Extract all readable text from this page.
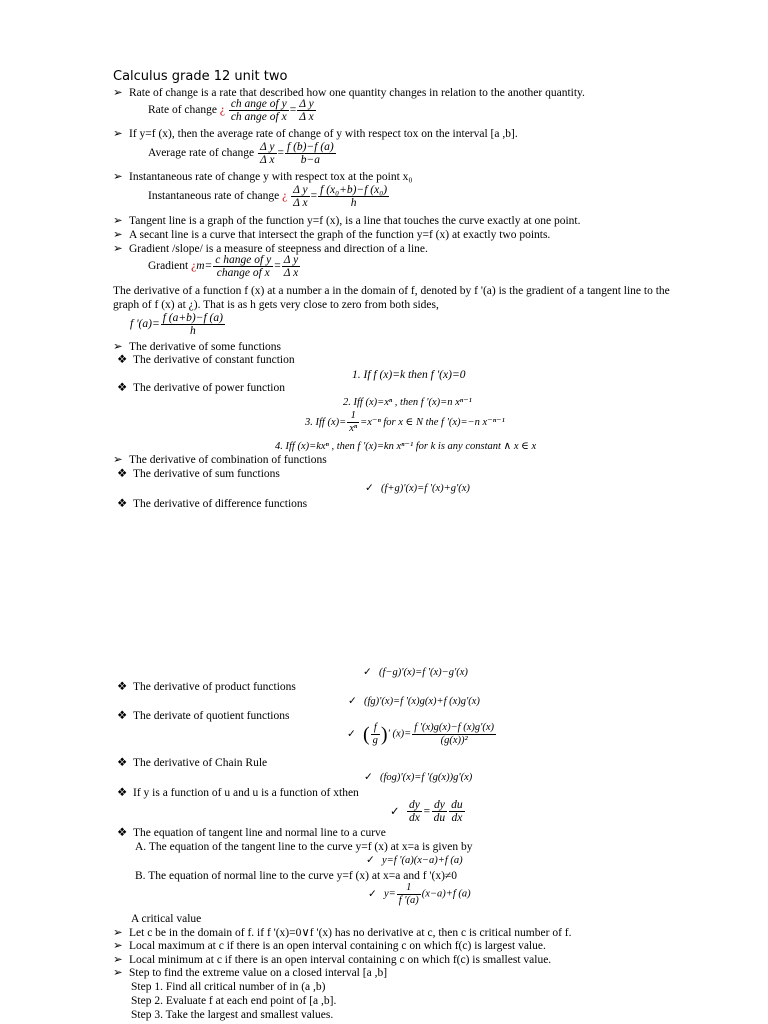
Calculus grade 12 unit two
➢ Rate of change is a rate that described how one quantity changes in relation to the another quantity.
Rate of change ¿ $\frac{\text{ch ange of y}}{\text{ch ange of x}} = \frac{\text{Δ y}}{\text{Δ x}}$
➢ If y=f (x), then the average rate of change of y with respect tox on the interval [a ,b].
Average rate of change $\frac{\text{Δ y}}{\text{Δ x}} = \frac{f (b)-f (a)}{b-a}$
➢ Instantaneous rate of change y with respect tox at the point x₀
Instantaneous rate of change ¿ $\frac{\text{Δ y}}{\text{Δ x}} = \frac{\text{f (x₀+b)−f (x₀)}}{h}$
➢ Tangent line is a graph of the function y=f (x), is a line that touches the curve exactly at one point.
➢ A secant line is a curve that intersect the graph of the function y=f (x) at exactly two points.
➢ Gradient /slope/ is a measure of steepness and direction of a line.
Gradient ¿$m= \frac{\text{c hange of y}}{\text{change of x}} = \frac{\text{Δ y}}{\text{Δ x}}$
The derivative of a function f (x) at a number a in the domain of f, denoted by f '(a) is the gradient of a tangent line to the
graph of f (x) at ¿). That is as h gets very close to zero from both sides,
f '$(a)= \frac{f (a+b)-f (a)}{h}$
➢ The derivative of some functions
❖ The derivative of constant function
1. If f (x)=k then f '(x)=0
❖ The derivative of power function
2. Iff (x)=xⁿ , then f '(x)=n xⁿ⁻¹
3. Iff $(x)= \frac{1}{\text{xⁿ}} =x^{-n}$ for x ∈ N the f '(x)=−n x⁻ⁿ⁻¹
4. Iff (x)=kxⁿ , then f '(x)=kn xⁿ⁻¹ for k is any constant ∧ x ∈ x
➢ The derivative of combination of functions
❖ The derivative of sum functions
✓ (f+g)'(x)=f '(x)+g'(x)
❖ The derivative of difference functions
✓ (f−g)'(x)=f '(x)−g'(x)
❖ The derivative of product functions
✓ (fg)'(x)=f '(x)g(x)+f (x)g'(x)
❖ The derivate of quotient functions
✓ ( $\frac{f}{g}$ )' $(x)= \frac{f '(x)g(x)-f (x)g'(x)}{\text{(g(x))²}}$
❖ The derivative of Chain Rule
✓ (fog)'(x)=f '(g(x))g'(x)
❖ If y is a function of u and u is a function of xthen
✓ $\frac{dy}{dx} = \frac{dy}{du} \frac{du}{dx}$
❖ The equation of tangent line and normal line to a curve
A. The equation of the tangent line to the curve y=f (x) at x=a is given by
✓ y=f '(a)(x−a)+f (a)
B. The equation of normal line to the curve y=f (x) at x=a and f '(x)≠0
✓ $y= \frac{1}{f '(a)} (x-a)+f$ (a)
A critical value
➢ Let c be in the domain of f. if f '(x)=0∨f '(x) has no derivative at c, then c is critical number of f.
➢ Local maximum at c if there is an open interval containing c on which f(c) is largest value.
➢ Local minimum at c if there is an open interval containing c on which f(c) is smallest value.
➢ Step to find the extreme value on a closed interval [a ,b]
Step 1. Find all critical number of in (a ,b)
Step 2. Evaluate f at each end point of [a ,b].
Step 3. Take the largest and smallest values.
